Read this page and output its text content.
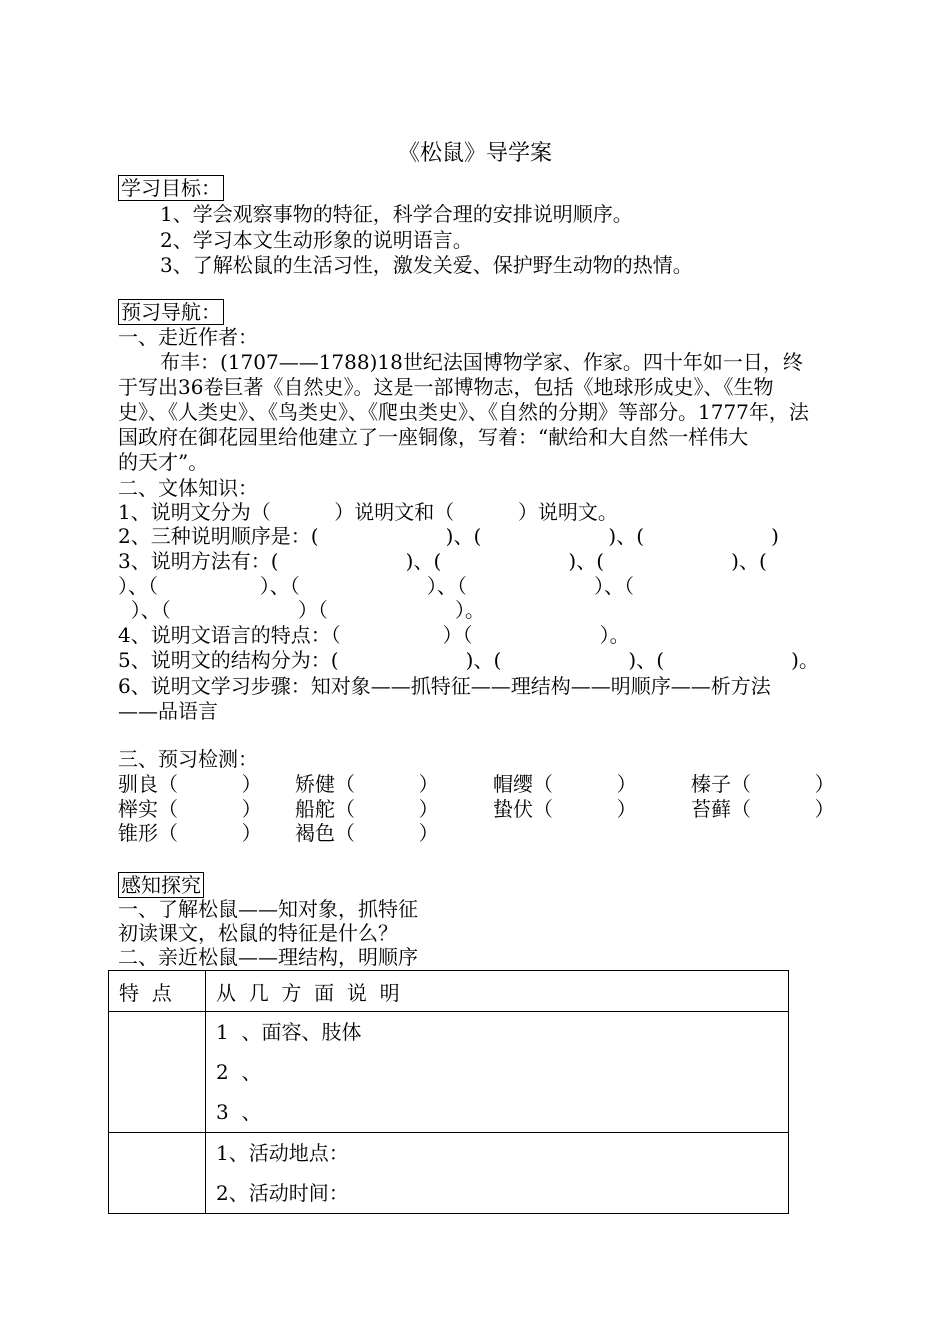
《松鼠》导学案
学习目标：
1、学会观察事物的特征，科学合理的安排说明顺序。
2、学习本文生动形象的说明语言。
3、了解松鼠的生活习性，激发关爱、保护野生动物的热情。
预习导航：
一、走近作者：
布丰：(1707——1788)18世纪法国博物学家、作家。四十年如一日，终
于写出36卷巨著《自然史》。这是一部博物志，包括《地球形成史》、《生物
史》、《人类史》、《鸟类史》、《爬虫类史》、《自然的分期》等部分。1777年，法
国政府在御花园里给他建立了一座铜像，写着：“献给和大自然一样伟大
的天才”。
二、文体知识：
1、说明文分为（          ）说明文和（          ）说明文。
2、三种说明顺序是：(                    )、(                    )、(                    )
3、说明方法有：(                    )、(                    )、(                    )、(
）、（                ）、（                    ）、（                    ）、（
）、（                    ）（                    ）。
4、说明文语言的特点：（                ）（                    ）。
5、说明文的结构分为：(                    )、(                    )、(                    )。
6、说明文学习步骤：知对象——抓特征——理结构——明顺序——析方法
——品语言
三、预习检测：
驯良（          ） 矫健（          ）	帽缨（          ）	榛子（          ）
榉实（          ） 船舵（          ）	蛰伏（          ）	苔藓（          ）
锥形（          ） 褐色（          ）
感知探究
一、了解松鼠——知对象，抓特征
初读课文，松鼠的特征是什么？
二、亲近松鼠——理结构，明顺序
特  点	从  几  方  面  说  明

	1  、面容、肢体
2  、
3  、

	1、活动地点：
2、活动时间：
